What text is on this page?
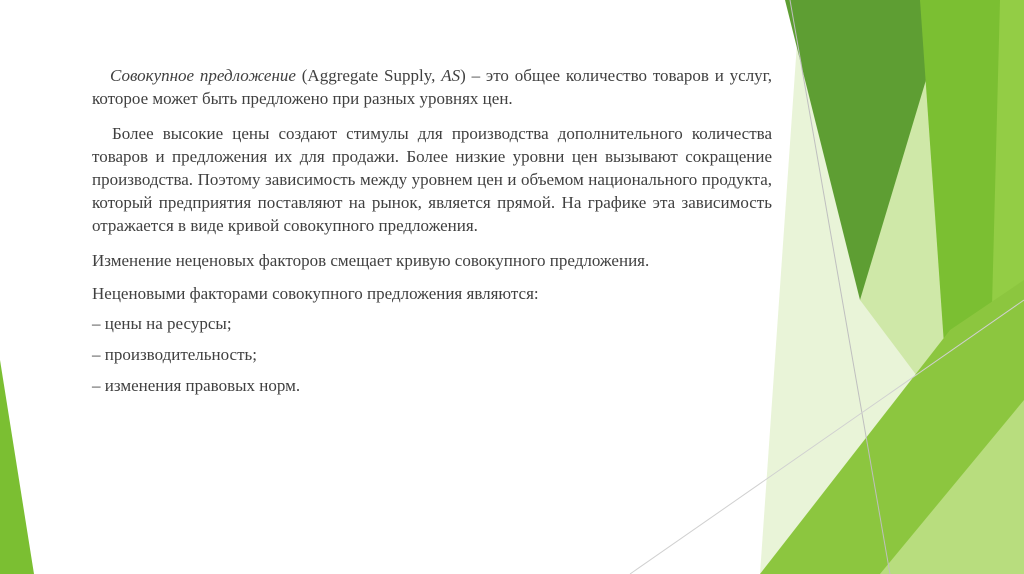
Совокупное предложение (Aggregate Supply, AS) – это общее количество товаров и услуг, которое может быть предложено при разных уровнях цен.

Более высокие цены создают стимулы для производства дополнительного количества товаров и предложения их для продажи. Более низкие уровни цен вызывают сокращение производства. Поэтому зависимость между уровнем цен и объемом национального продукта, который предприятия поставляют на рынок, является прямой. На графике эта зависимость отражается в виде кривой совокупного предложения.

Изменение неценовых факторов смещает кривую совокупного предложения.

Неценовыми факторами совокупного предложения являются:

– цены на ресурсы;
– производительность;
– изменения правовых норм.
